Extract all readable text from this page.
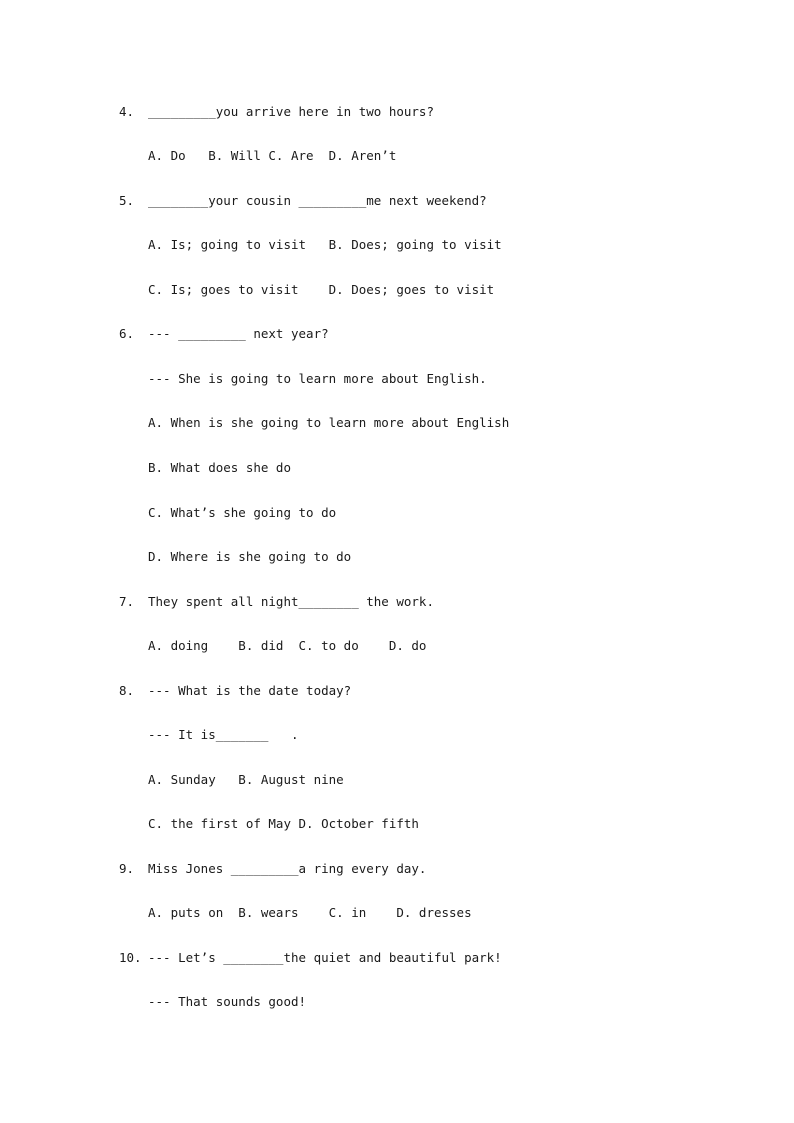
4. _________you arrive here in two hours?
A. Do   B. Will C. Are  D. Aren’t
5. ________your cousin _________me next weekend?
A. Is; going to visit   B. Does; going to visit
C. Is; goes to visit    D. Does; goes to visit
6. --- _________ next year?
--- She is going to learn more about English.
A. When is she going to learn more about English
B. What does she do
C. What’s she going to do
D. Where is she going to do
7. They spent all night________ the work.
A. doing    B. did  C. to do    D. do
8. --- What is the date today?
--- It is_______   .
A. Sunday   B. August nine
C. the first of May D. October fifth
9. Miss Jones _________a ring every day.
A. puts on  B. wears    C. in    D. dresses
10. --- Let’s ________the quiet and beautiful park!
--- That sounds good!
